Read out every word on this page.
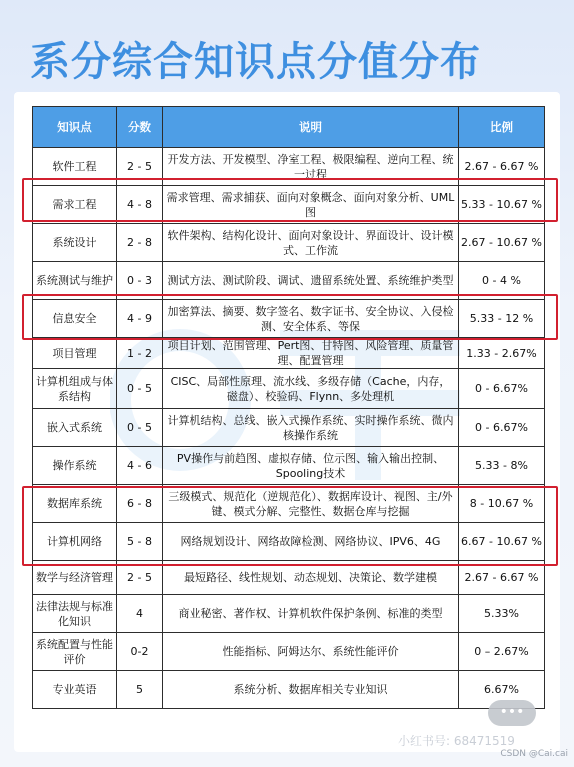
系分综合知识点分值分布
知识点	分数	说明	比例
软件工程	2 - 5	开发方法、开发模型、净室工程、极限编程、逆向工程、统一过程	2.67 - 6.67 %
需求工程	4 - 8	需求管理、需求捕获、面向对象概念、面向对象分析、UML图	5.33 - 10.67 %
系统设计	2 - 8	软件架构、结构化设计、面向对象设计、界面设计、设计模式、工作流	2.67 - 10.67 %
系统测试与维护	0 - 3	测试方法、测试阶段、调试、遗留系统处置、系统维护类型	0 - 4 %
信息安全	4 - 9	加密算法、摘要、数字签名、数字证书、安全协议、入侵检测、安全体系、等保	5.33 - 12 %
项目管理	1 - 2	项目计划、范围管理、Pert图、甘特图、风险管理、质量管理、配置管理	1.33 - 2.67%
计算机组成与体系结构	0 - 5	CISC、局部性原理、流水线、多级存储（Cache，内存，磁盘）、校验码、Flynn、多处理机	0 - 6.67%
嵌入式系统	0 - 5	计算机结构、总线、嵌入式操作系统、实时操作系统、微内核操作系统	0 - 6.67%
操作系统	4 - 6	PV操作与前趋图、虚拟存储、位示图、输入输出控制、Spooling技术	5.33 - 8%
数据库系统	6 - 8	三级模式、规范化（逆规范化）、数据库设计、视图、主/外键、模式分解、完整性、数据仓库与挖掘	8 - 10.67 %
计算机网络	5 - 8	网络规划设计、网络故障检测、网络协议、IPV6、4G	6.67 - 10.67 %
数学与经济管理	2 - 5	最短路径、线性规划、动态规划、决策论、数学建模	2.67 - 6.67 %
法律法规与标准化知识	4	商业秘密、著作权、计算机软件保护条例、标准的类型	5.33%
系统配置与性能评价	0-2	性能指标、阿姆达尔、系统性能评价	0 – 2.67%
专业英语	5	系统分析、数据库相关专业知识	6.67%
•••
小红书号: 68471519
CSDN @Cai.cai
